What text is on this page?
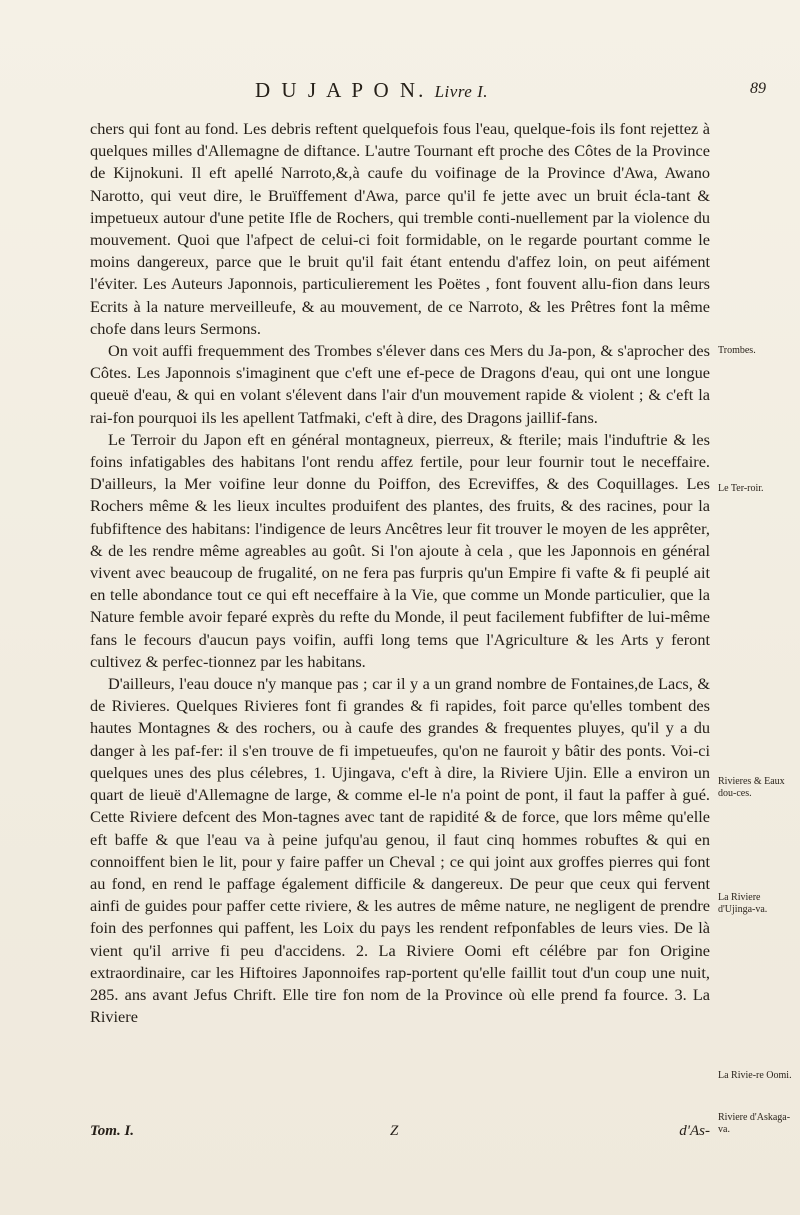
D U J A P O N. Livre I.	89

chers qui font au fond. Les debris reftent quelquefois fous l'eau, quelque-fois ils font rejettez à quelques milles d'Allemagne de diftance. L'autre Tournant eft proche des Côtes de la Province de Kijnokuni. Il eft apellé Narroto,&,à caufe du voifinage de la Province d'Awa, Awano Narotto, qui veut dire, le Bruïffement d'Awa, parce qu'il fe jette avec un bruit écla-tant & impetueux autour d'une petite Ifle de Rochers, qui tremble conti-nuellement par la violence du mouvement. Quoi que l'afpect de celui-ci foit formidable, on le regarde pourtant comme le moins dangereux, parce que le bruit qu'il fait étant entendu d'affez loin, on peut aifément l'éviter. Les Auteurs Japonnois, particulierement les Poëtes , font fouvent allu-fion dans leurs Ecrits à la nature merveilleufe, & au mouvement, de ce Narroto, & les Prêtres font la même chofe dans leurs Sermons.

On voit auffi frequemment des Trombes s'élever dans ces Mers du Ja-pon, & s'aprocher des Côtes. Les Japonnois s'imaginent que c'eft une ef-pece de Dragons d'eau, qui ont une longue queuë d'eau, & qui en volant s'élevent dans l'air d'un mouvement rapide & violent ; & c'eft la rai-fon pourquoi ils les apellent Tatfmaki, c'eft à dire, des Dragons jaillif-fans.

Le Terroir du Japon eft en général montagneux, pierreux, & fterile; mais l'induftrie & les foins infatigables des habitans l'ont rendu affez fertile, pour leur fournir tout le neceffaire. D'ailleurs, la Mer voifine leur donne du Poiffon, des Ecreviffes, & des Coquillages. Les Rochers même & les lieux incultes produifent des plantes, des fruits, & des racines, pour la fubfiftence des habitans: l'indigence de leurs Ancêtres leur fit trouver le moyen de les apprêter, & de les rendre même agreables au goût. Si l'on ajoute à cela , que les Japonnois en général vivent avec beaucoup de frugalité, on ne fera pas furpris qu'un Empire fi vafte & fi peuplé ait en telle abondance tout ce qui eft neceffaire à la Vie, que comme un Monde particulier, que la Nature femble avoir feparé exprès du refte du Monde, il peut facilement fubfifter de lui-même fans le fecours d'aucun pays voifin, auffi long tems que l'Agriculture & les Arts y feront cultivez & perfec-tionnez par les habitans.

D'ailleurs, l'eau douce n'y manque pas ; car il y a un grand nombre de Fontaines,de Lacs, & de Rivieres. Quelques Rivieres font fi grandes & fi rapides, foit parce qu'elles tombent des hautes Montagnes & des rochers, ou à caufe des grandes & frequentes pluyes, qu'il y a du danger à les paf-fer: il s'en trouve de fi impetueufes, qu'on ne fauroit y bâtir des ponts. Voi-ci quelques unes des plus célebres, 1. Ujingava, c'eft à dire, la Riviere Ujin. Elle a environ un quart de lieuë d'Allemagne de large, & comme el-le n'a point de pont, il faut la paffer à gué. Cette Riviere defcent des Mon-tagnes avec tant de rapidité & de force, que lors même qu'elle eft baffe & que l'eau va à peine jufqu'au genou, il faut cinq hommes robuftes & qui en connoiffent bien le lit, pour y faire paffer un Cheval ; ce qui joint aux groffes pierres qui font au fond, en rend le paffage également difficile & dangereux. De peur que ceux qui fervent ainfi de guides pour paffer cette riviere, & les autres de même nature, ne negligent de prendre foin des perfonnes qui paffent, les Loix du pays les rendent refponfables de leurs vies. De là vient qu'il arrive fi peu d'accidens. 2. La Riviere Oomi eft célébre par fon Origine extraordinaire, car les Hiftoires Japonnoifes rap-portent qu'elle faillit tout d'un coup une nuit, 285. ans avant Jefus Chrift. Elle tire fon nom de la Province où elle prend fa fource. 3. La Riviere

Trombes.
Le Ter-roir.
Rivieres & Eaux dou-ces.
La Riviere d'Ujinga-va.
La Rivie-re Oomi.
Riviere d'Askaga-va.
Tom. I.	Z	d'As-
